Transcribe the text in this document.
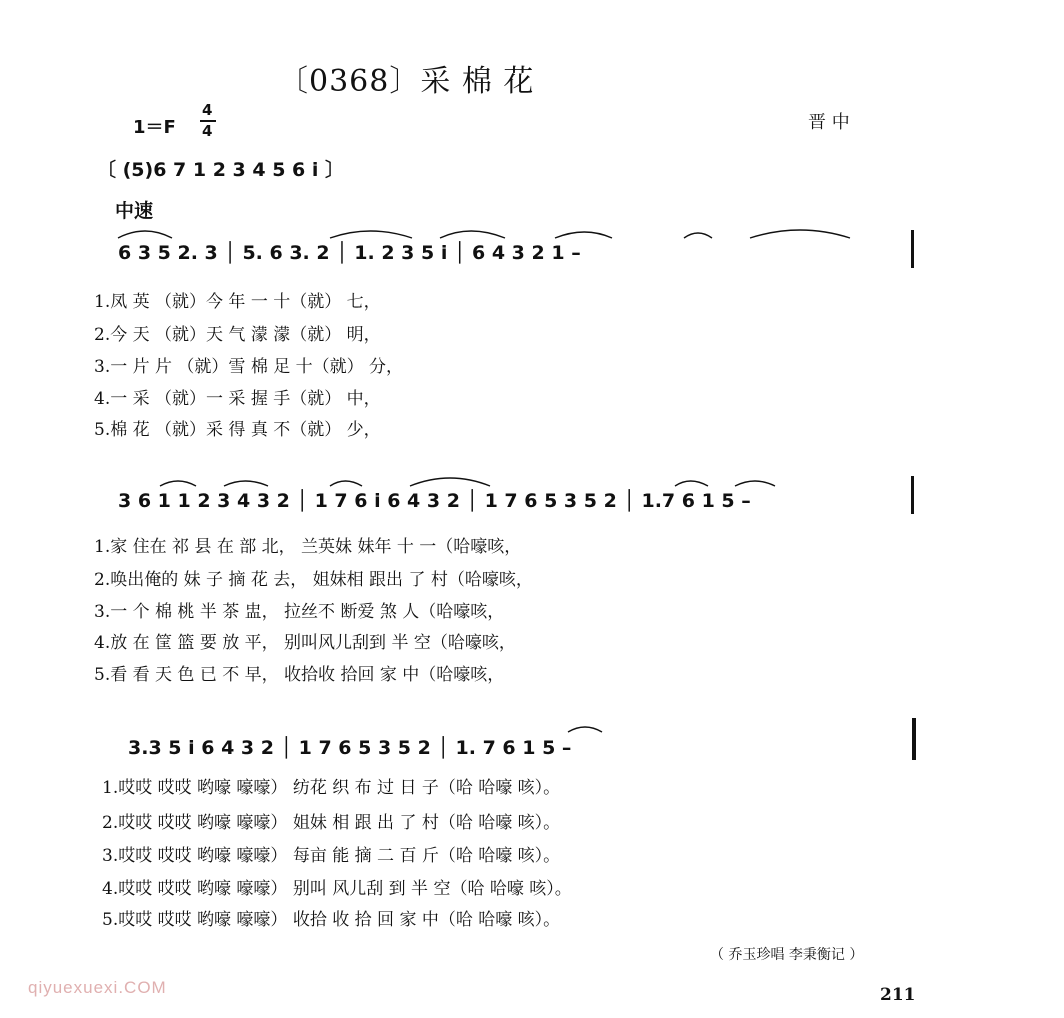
〔0368〕采 棉 花
1＝F
4
4	晋 中
〔 (5)6 7 1 2 3 4 5 6 i 〕
中速
6 3 5 2. 3 │ 5. 6 3. 2 │ 1. 2 3 5 i │ 6 4 3 2 1 –
1.凤 英 （就）今 年 一 十（就） 七，
2.今 天 （就）天 气 濛 濛（就） 明，
3.一 片 片 （就）雪 棉 足 十（就） 分，
4.一 采 （就）一 采 握 手（就） 中，
5.棉 花 （就）采 得 真 不（就） 少，
3 6 1 1 2 3 4 3 2 │ 1 7 6 i 6 4 3 2 │ 1 7 6 5 3 5 2 │ 1.7 6 1 5 –
1.家 住在 祁 县 在 部 北， 兰英妹 妹年 十 一（哈嚎咳，
2.唤出俺的 妹 子 摘 花 去， 姐妹相 跟出 了 村（哈嚎咳，
3.一 个 棉 桃 半 茶 盅， 拉丝不 断爱 煞 人（哈嚎咳，
4.放 在 筐 篮 要 放 平， 别叫风儿刮到 半 空（哈嚎咳，
5.看 看 天 色 已 不 早， 收拾收 拾回 家 中（哈嚎咳，
3.3 5 i 6 4 3 2 │ 1 7 6 5 3 5 2 │ 1. 7 6 1 5 –
1.哎哎 哎哎 哟嚎 嚎嚎） 纺花 织 布 过 日 子（哈 哈嚎 咳）。
2.哎哎 哎哎 哟嚎 嚎嚎） 姐妹 相 跟 出 了 村（哈 哈嚎 咳）。
3.哎哎 哎哎 哟嚎 嚎嚎） 每亩 能 摘 二 百 斤（哈 哈嚎 咳）。
4.哎哎 哎哎 哟嚎 嚎嚎） 别叫 风儿刮 到 半 空（哈 哈嚎 咳）。
5.哎哎 哎哎 哟嚎 嚎嚎） 收拾 收 拾 回 家 中（哈 哈嚎 咳）。
（ 乔玉珍唱 李秉衡记 ）
qiyuexuexi.COM	211
